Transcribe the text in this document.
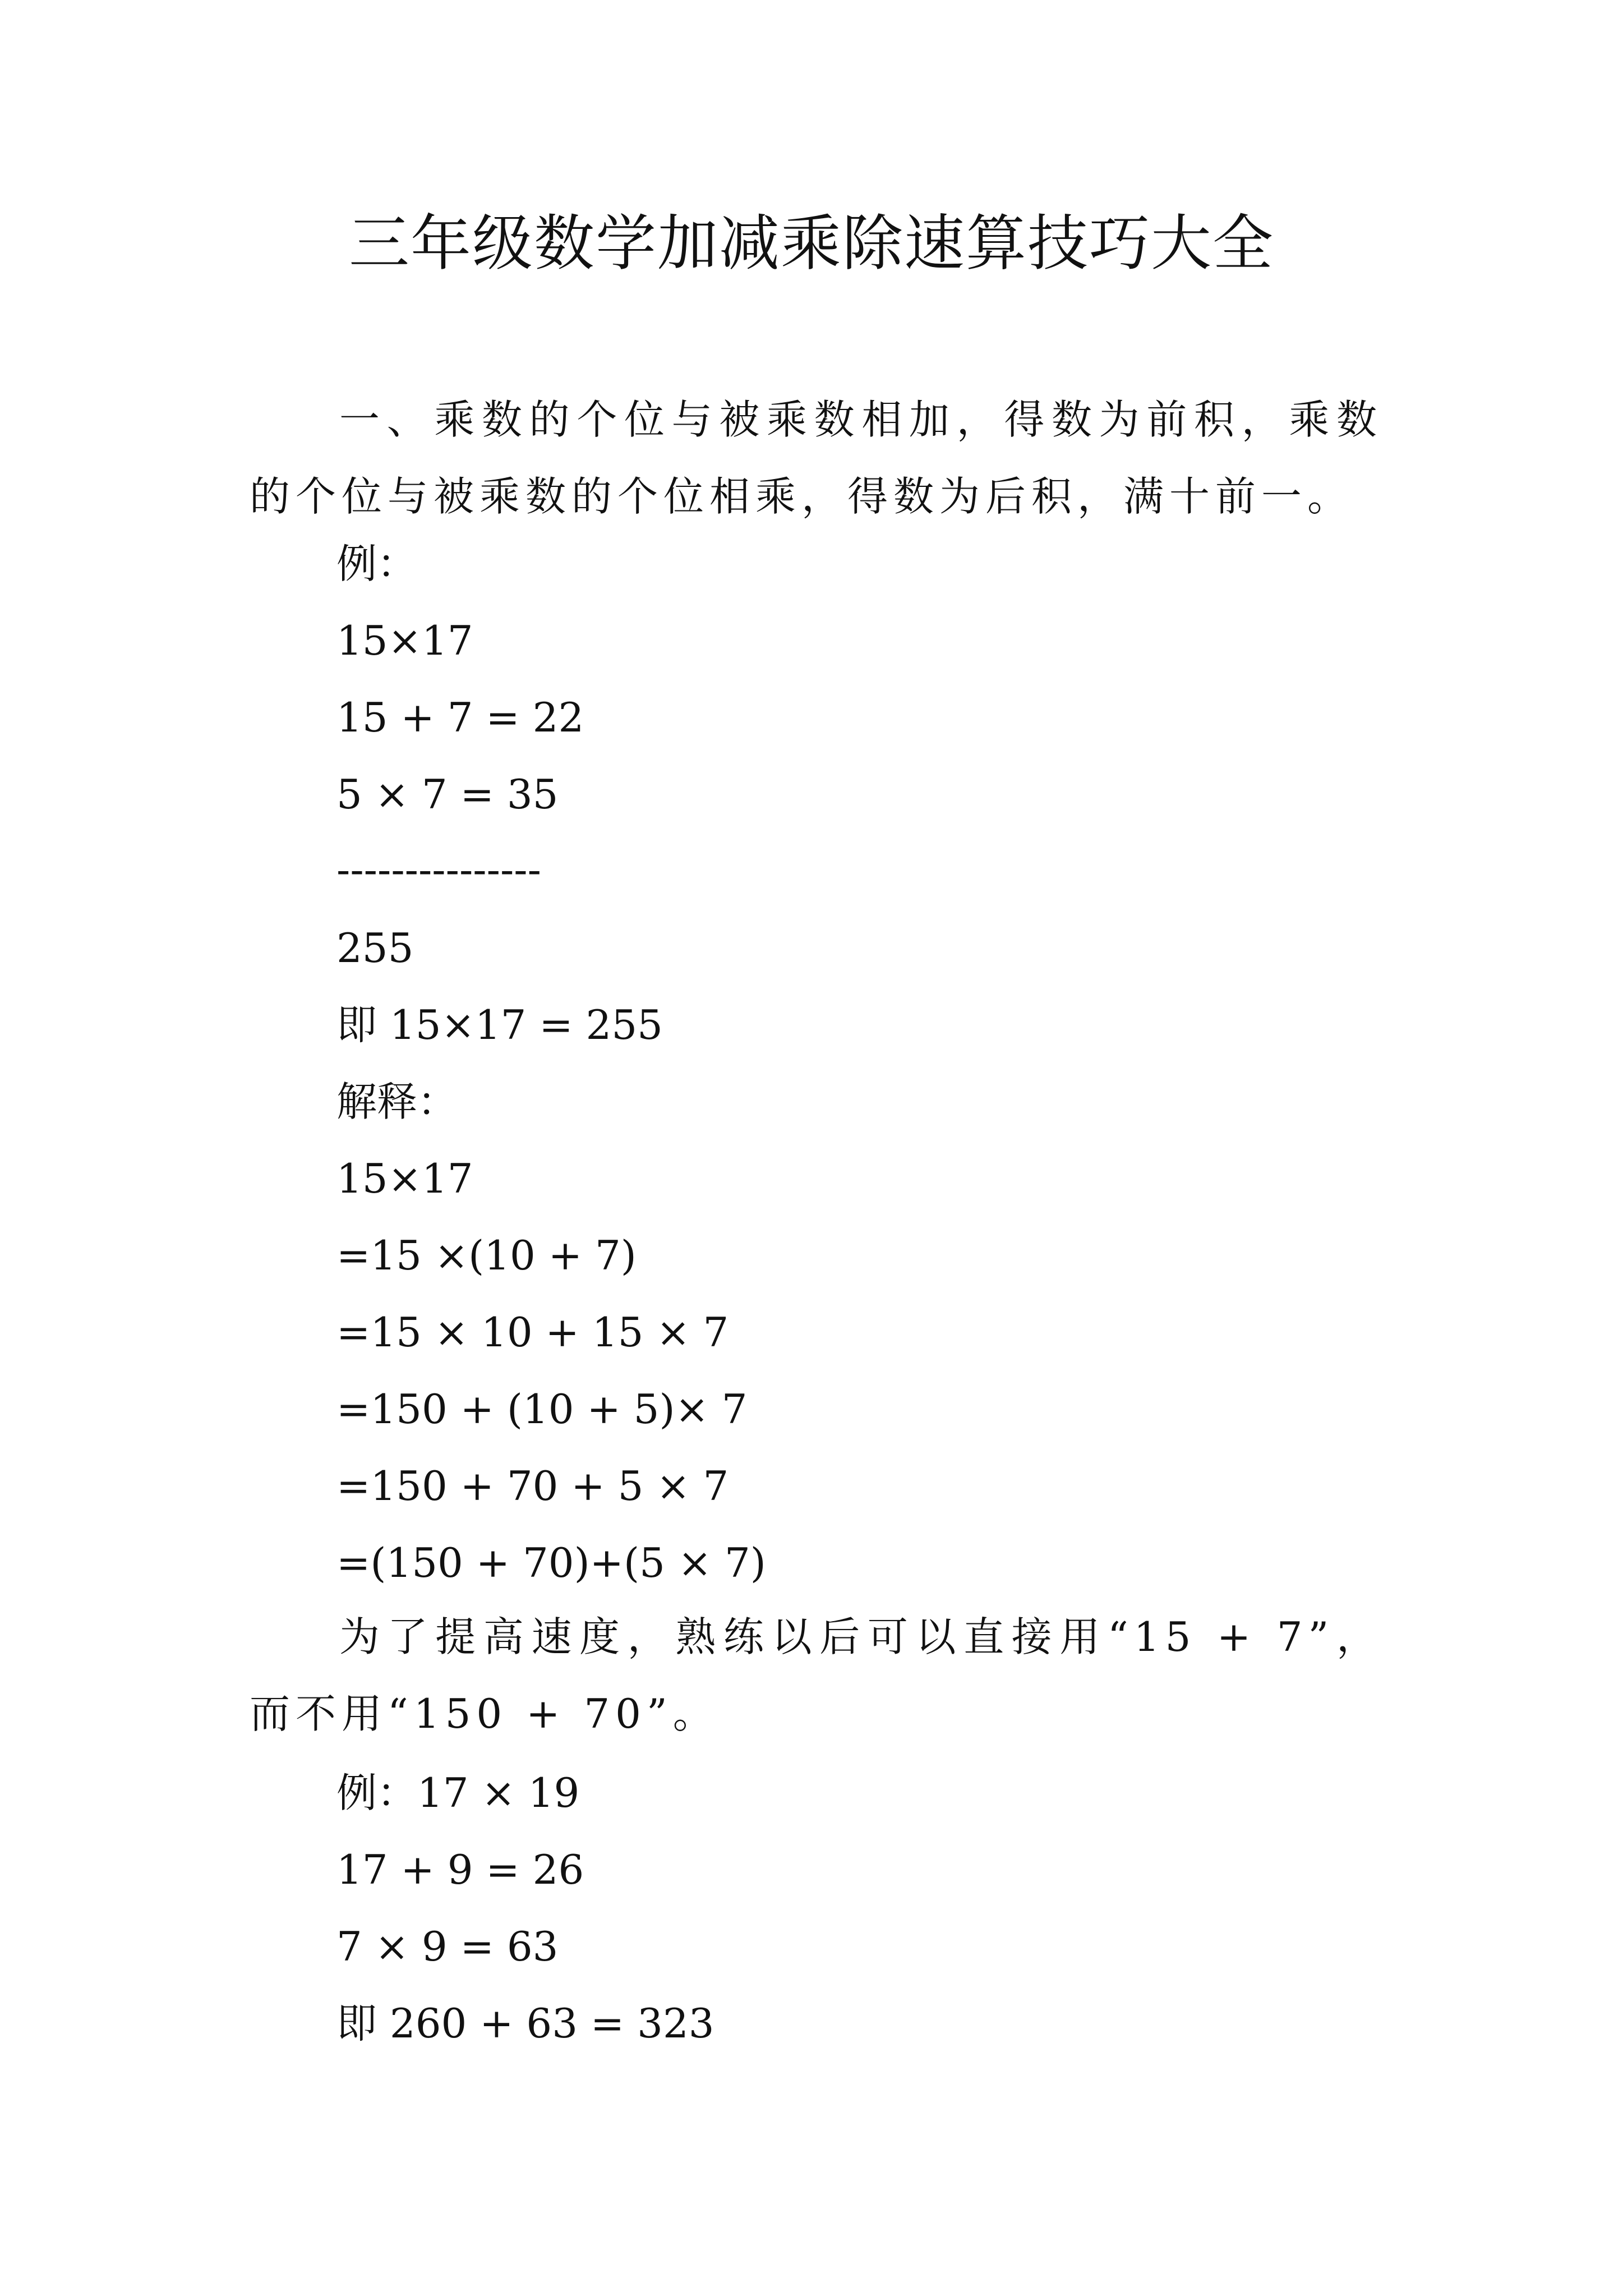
三年级数学加减乘除速算技巧大全
一、乘数的个位与被乘数相加，得数为前积，乘数的个位与被乘数的个位相乘，得数为后积，满十前一。
例：
15×17
15 + 7 = 22
5 × 7 = 35
---------------
255
即 15×17 = 255
解释：
15×17
=15 ×(10 + 7)
=15 × 10 + 15 × 7
=150 + (10 + 5)× 7
=150 + 70 + 5 × 7
=(150 + 70)+(5 × 7)
为了提高速度，熟练以后可以直接用“15 + 7”，而不用“150 + 70”。
例：17 × 19
17 + 9 = 26
7 × 9 = 63
即 260 + 63 = 323
